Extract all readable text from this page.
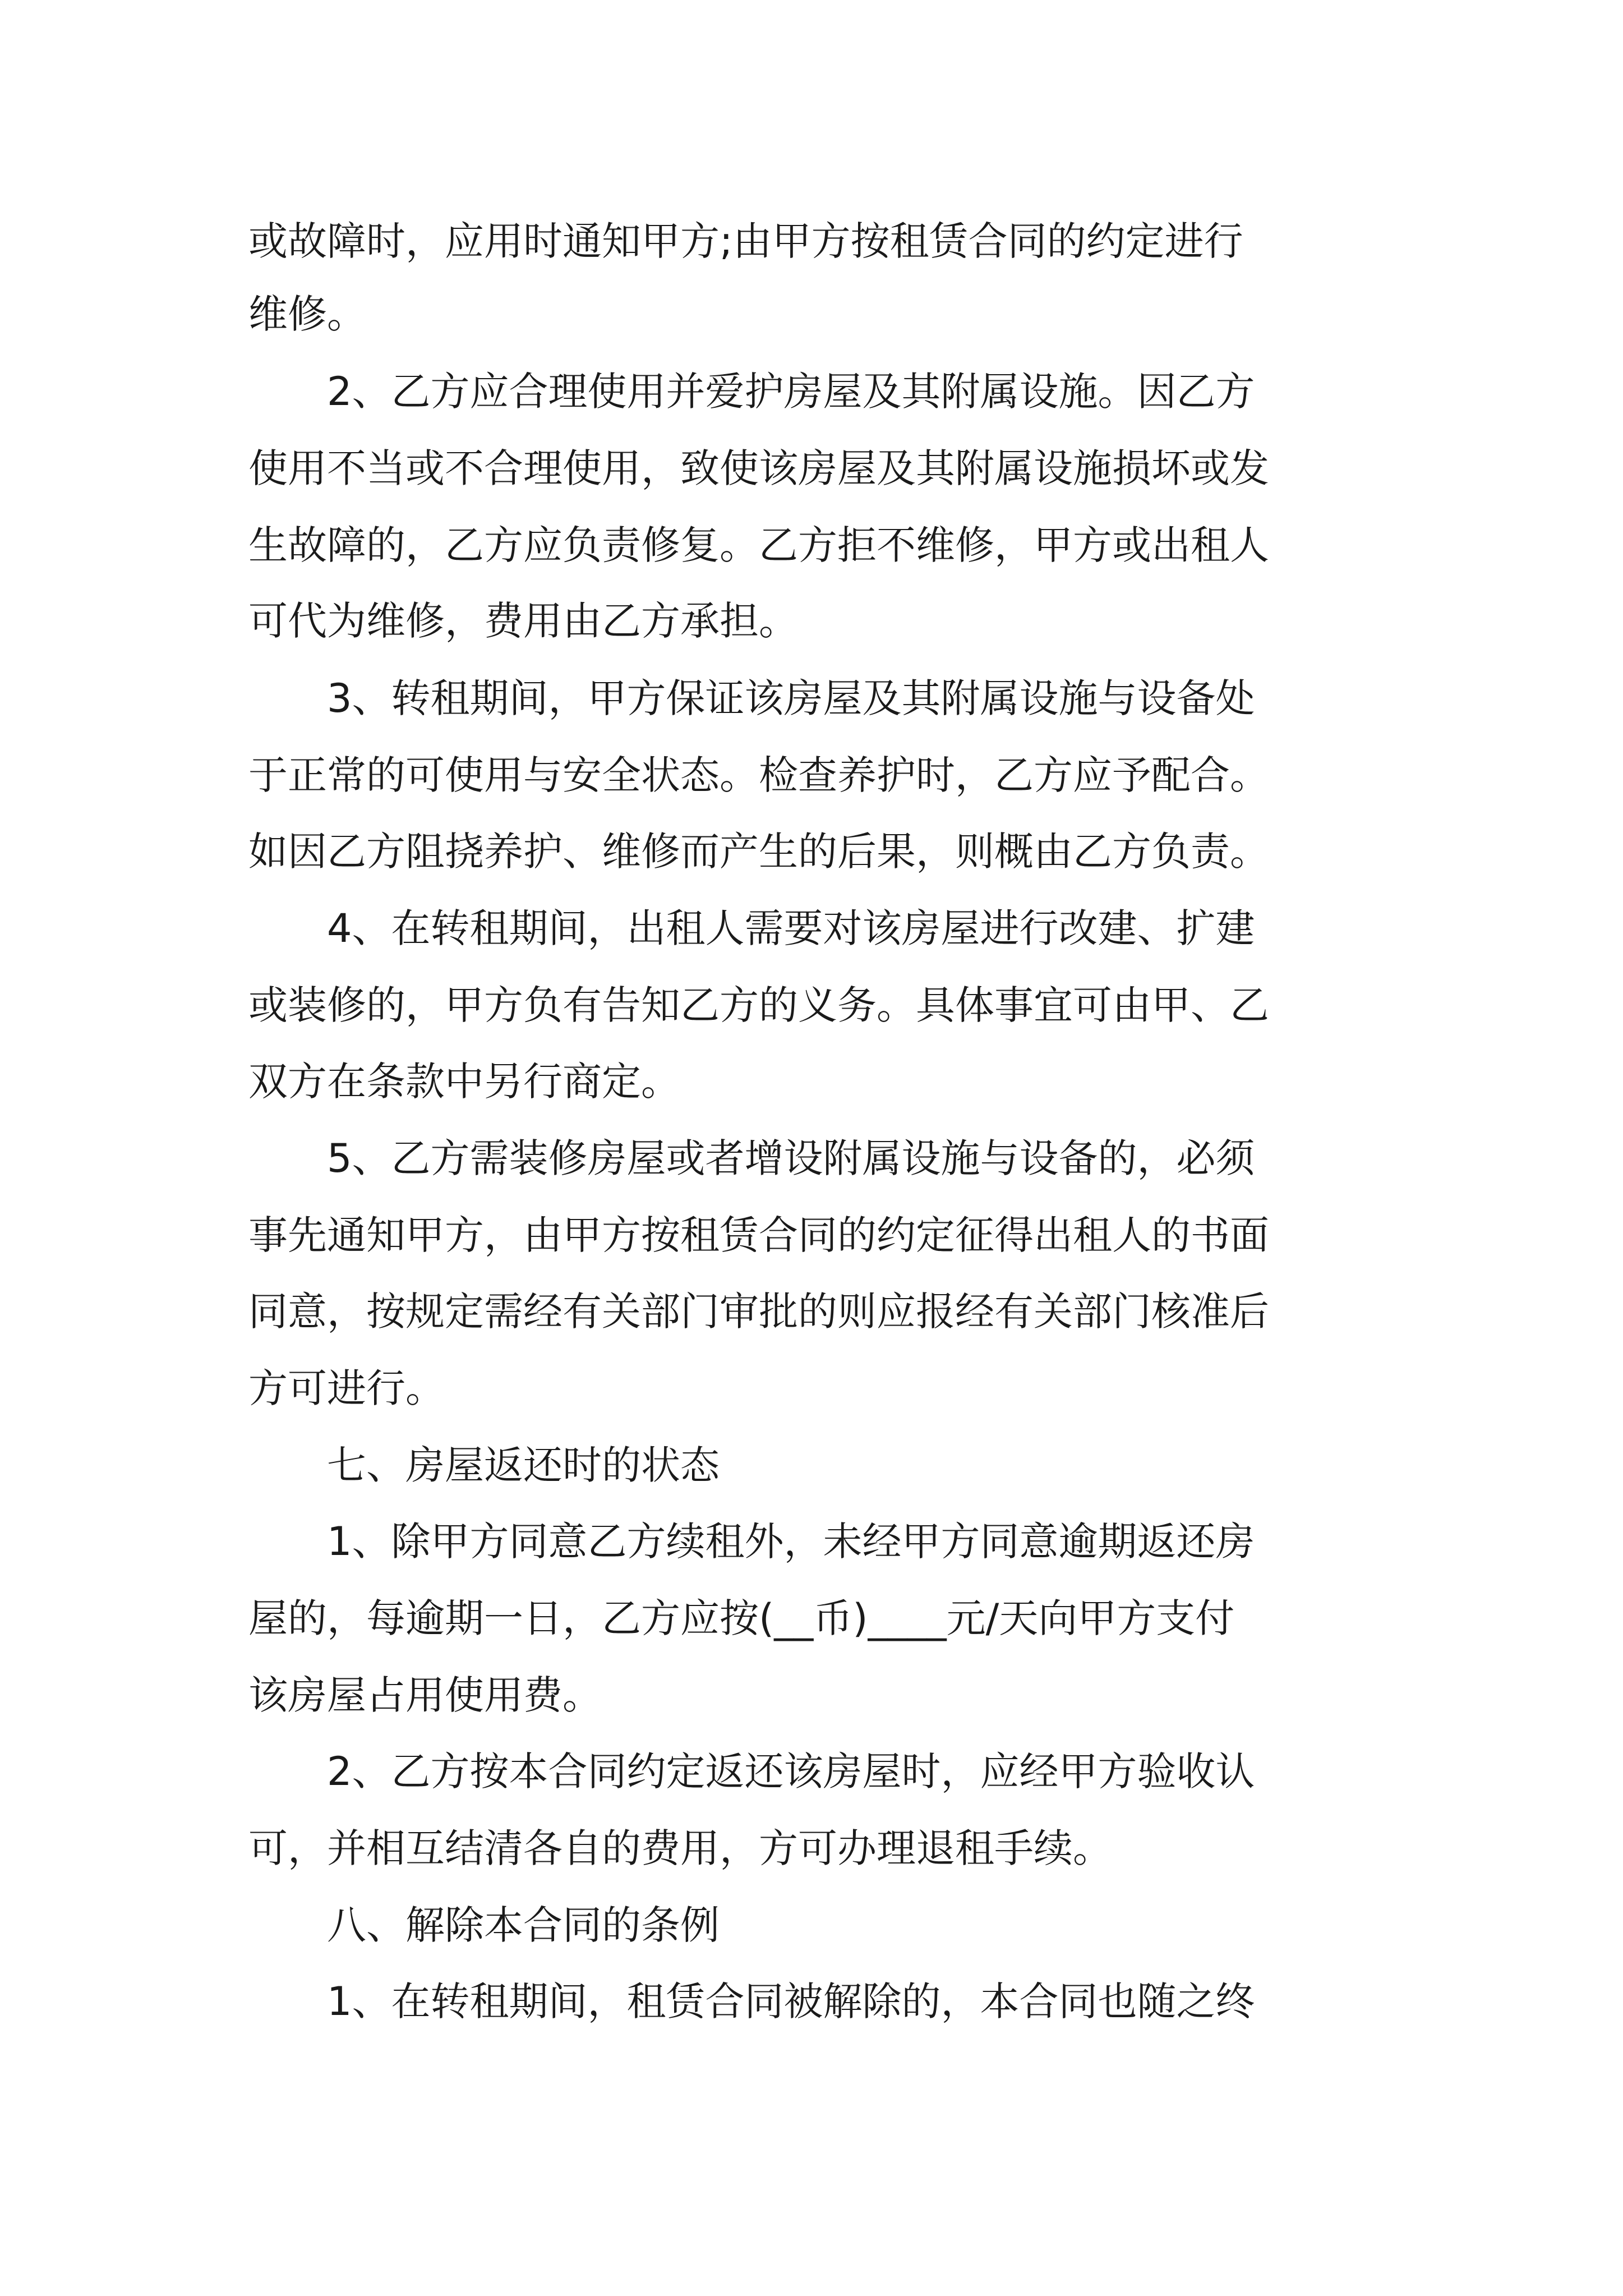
或故障时，应用时通知甲方;由甲方按租赁合同的约定进行
维修。
2、乙方应合理使用并爱护房屋及其附属设施。因乙方
使用不当或不合理使用，致使该房屋及其附属设施损坏或发
生故障的，乙方应负责修复。乙方拒不维修，甲方或出租人
可代为维修，费用由乙方承担。
3、转租期间，甲方保证该房屋及其附属设施与设备处
于正常的可使用与安全状态。检查养护时，乙方应予配合。
如因乙方阻挠养护、维修而产生的后果，则概由乙方负责。
4、在转租期间，出租人需要对该房屋进行改建、扩建
或装修的，甲方负有告知乙方的义务。具体事宜可由甲、乙
双方在条款中另行商定。
5、乙方需装修房屋或者增设附属设施与设备的，必须
事先通知甲方，由甲方按租赁合同的约定征得出租人的书面
同意，按规定需经有关部门审批的则应报经有关部门核准后
方可进行。
七、房屋返还时的状态
1、除甲方同意乙方续租外，未经甲方同意逾期返还房
屋的，每逾期一日，乙方应按(__币)____元/天向甲方支付
该房屋占用使用费。
2、乙方按本合同约定返还该房屋时，应经甲方验收认
可，并相互结清各自的费用，方可办理退租手续。
八、解除本合同的条例
1、在转租期间，租赁合同被解除的，本合同也随之终
